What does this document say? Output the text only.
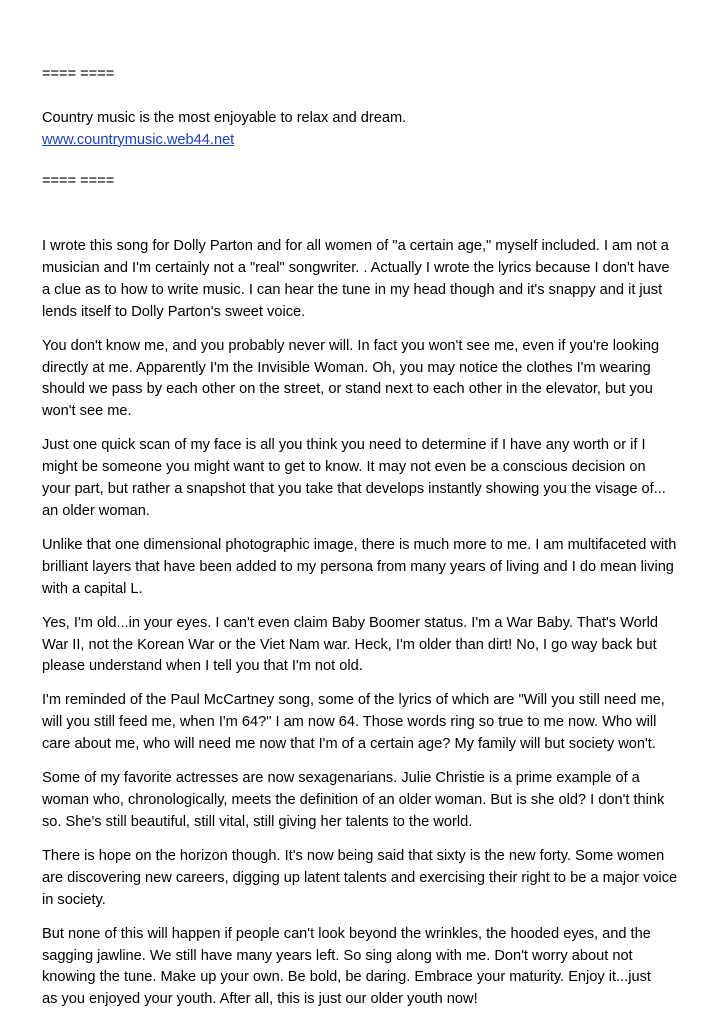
==== ====
Country music is the most enjoyable to relax and dream.
www.countrymusic.web44.net
==== ====
I wrote this song for Dolly Parton and for all women of "a certain age," myself included. I am not a
musician and I'm certainly not a "real" songwriter. . Actually I wrote the lyrics because I don't have
a clue as to how to write music. I can hear the tune in my head though and it's snappy and it just
lends itself to Dolly Parton's sweet voice.
You don't know me, and you probably never will. In fact you won't see me, even if you're looking
directly at me. Apparently I'm the Invisible Woman. Oh, you may notice the clothes I'm wearing
should we pass by each other on the street, or stand next to each other in the elevator, but you
won't see me.
Just one quick scan of my face is all you think you need to determine if I have any worth or if I
might be someone you might want to get to know. It may not even be a conscious decision on
your part, but rather a snapshot that you take that develops instantly showing you the visage of...
an older woman.
Unlike that one dimensional photographic image, there is much more to me. I am multifaceted with
brilliant layers that have been added to my persona from many years of living and I do mean living
with a capital L.
Yes, I'm old...in your eyes. I can't even claim Baby Boomer status. I'm a War Baby. That's World
War II, not the Korean War or the Viet Nam war. Heck, I'm older than dirt! No, I go way back but
please understand when I tell you that I'm not old.
I'm reminded of the Paul McCartney song, some of the lyrics of which are "Will you still need me,
will you still feed me, when I'm 64?" I am now 64. Those words ring so true to me now. Who will
care about me, who will need me now that I'm of a certain age? My family will but society won't.
Some of my favorite actresses are now sexagenarians. Julie Christie is a prime example of a
woman who, chronologically, meets the definition of an older woman. But is she old? I don't think
so. She's still beautiful, still vital, still giving her talents to the world.
There is hope on the horizon though. It's now being said that sixty is the new forty. Some women
are discovering new careers, digging up latent talents and exercising their right to be a major voice
in society.
But none of this will happen if people can't look beyond the wrinkles, the hooded eyes, and the
sagging jawline. We still have many years left. So sing along with me. Don't worry about not
knowing the tune. Make up your own. Be bold, be daring. Embrace your maturity. Enjoy it...just
as you enjoyed your youth. After all, this is just our older youth now!
